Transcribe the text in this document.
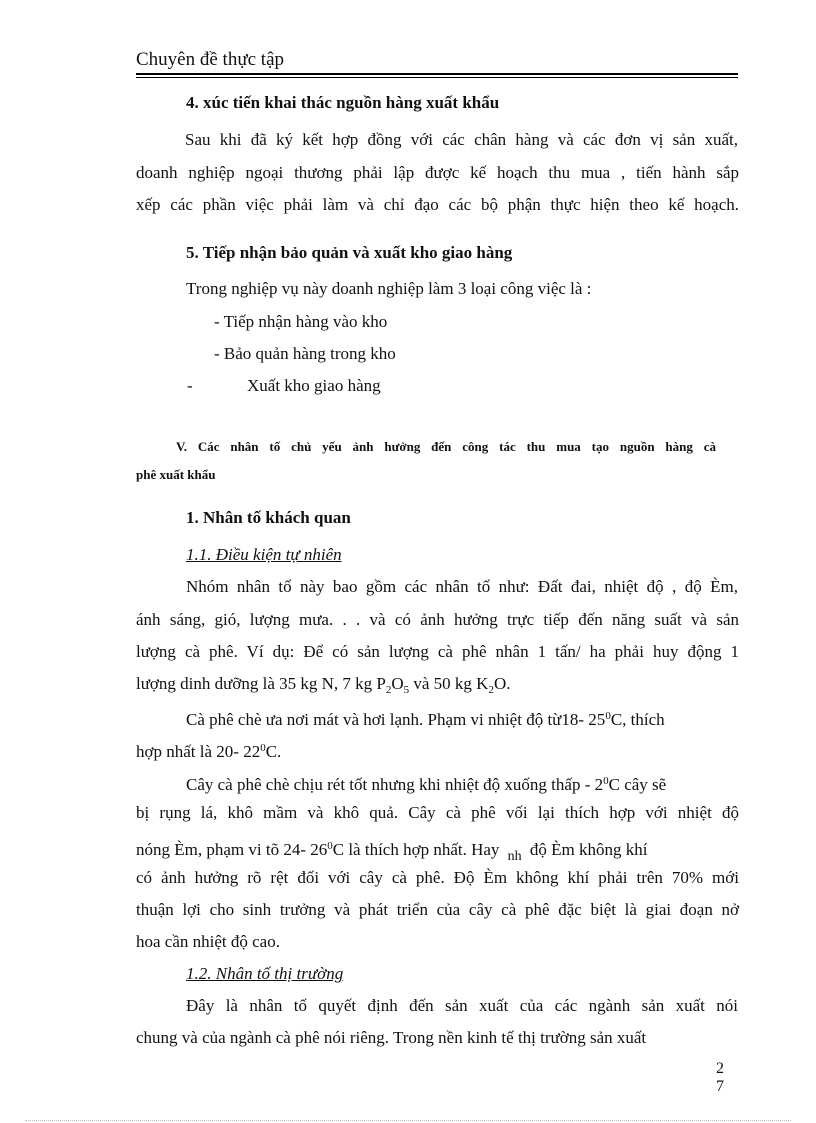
Chuyên đề thực tập
4. xúc tiến khai thác nguồn hàng xuất khẩu
Sau khi đã ký kết hợp đồng với các chân hàng và các đơn vị sản xuất,
doanh nghiệp ngoại thương phải lập được kế hoạch thu mua , tiến hành sắp
xếp các phần việc phải làm và chỉ đạo các bộ phận thực hiện theo kế hoạch.
5. Tiếp nhận bảo quản và xuất kho giao hàng
Trong nghiệp vụ này doanh nghiệp làm 3 loại công việc là :
- Tiếp nhận hàng vào kho
- Bảo quản hàng trong kho
-	Xuất kho giao hàng
V. Các nhân tố chủ yếu ảnh hưởng đến công tác thu mua tạo nguồn hàng cà
phê xuất khẩu
1. Nhân tố khách quan
1.1. Điều kiện tự nhiên
Nhóm nhân tố này bao gồm các nhân tố như: Đất đai, nhiệt độ , độ Èm,
ánh sáng, gió, lượng mưa. . . và có ảnh hưởng trực tiếp đến năng suất và sản
lượng cà phê. Ví dụ: Để có sản lượng cà phê nhân 1 tấn/ ha phải huy động 1
lượng dinh dưỡng là 35 kg N, 7 kg $P_2O_5$ và 50 kg $K_2O$.
Cà phê chè ưa nơi mát và hơi lạnh. Phạm vi nhiệt độ từ18- $25^0C$, thích
hợp nhất là 20- $22^0C$.
Cây cà phê chè chịu rét tốt nhưng khi nhiệt độ xuống thấp - $2^0C$ cây sẽ
bị rụng lá, khô mầm và khô quả. Cây cà phê vối lại thích hợp với nhiệt độ
nóng Èm, phạm vi tõ 24- $26^0C$ là thích hợp nhất. Hay $_{nh}$ độ Èm không khí
có ảnh hưởng rõ rệt đối với cây cà phê. Độ Èm không khí phải trên 70% mới
thuận lợi cho sinh trưởng và phát triển của cây cà phê đặc biệt là giai đoạn nở
hoa cần nhiệt độ cao.
1.2. Nhân tố thị trường
Đây là nhân tố quyết định đến sản xuất của các ngành sản xuất nói
chung và của ngành cà phê nói riêng. Trong nền kinh tế thị trường sản xuất
2
7
